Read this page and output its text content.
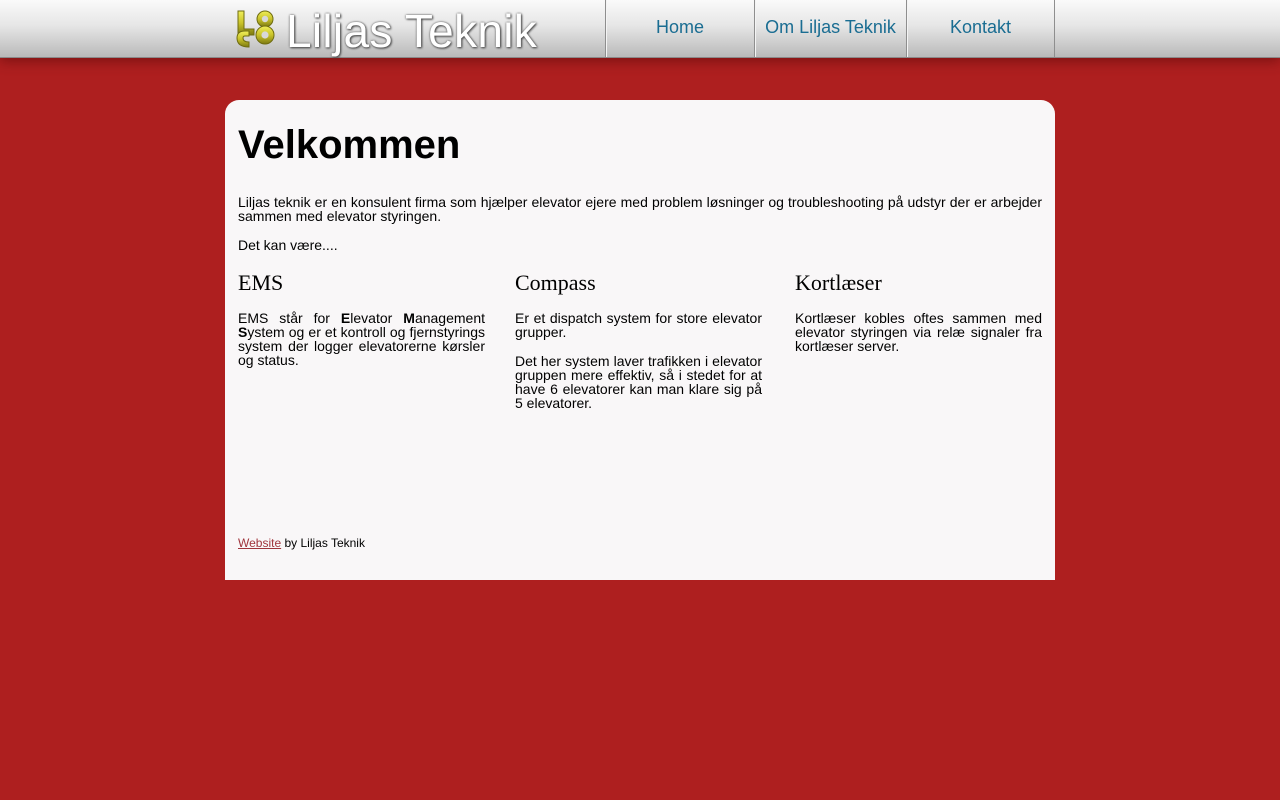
Liljas Teknik	Home	Om Liljas Teknik	Kontakt
Velkommen

Liljas teknik er en konsulent firma som hjælper elevator ejere med problem løsninger og troubleshooting på udstyr der er arbejder sammen med elevator styringen.

Det kan være....

EMS

EMS står for Elevator Management System og er et kontroll og fjernstyrings system der logger elevatorerne kørsler og status.

Compass

Er et dispatch system for store elevator grupper.

Det her system laver trafikken i elevator gruppen mere effektiv, så i stedet for at have 6 elevatorer kan man klare sig på 5 elevatorer.

Kortlæser

Kortlæser kobles oftes sammen med elevator styringen via relæ signaler fra kortlæser server.

Website by Liljas Teknik
